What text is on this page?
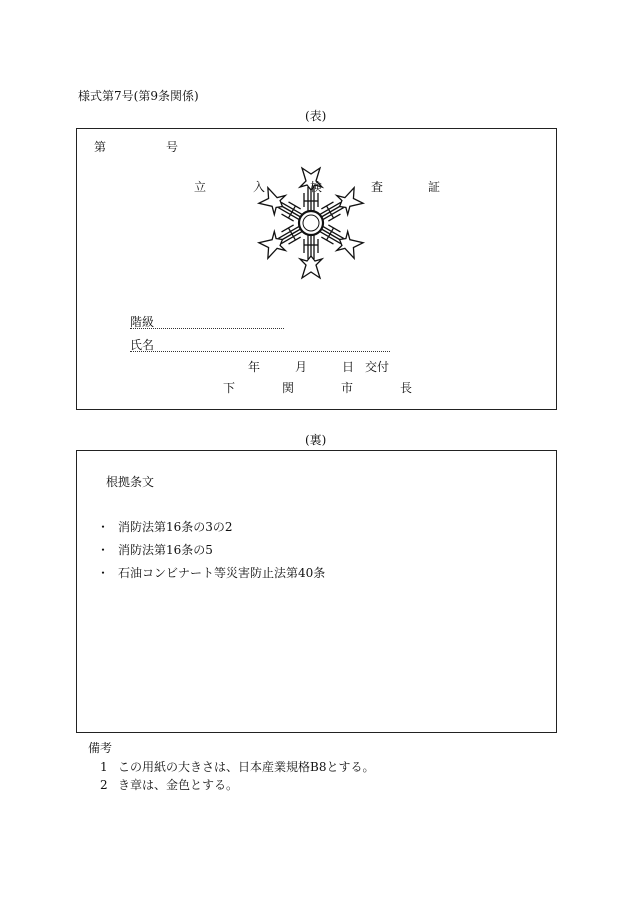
様式第7号(第9条関係)
(表)
第	号
立	入	検	査	証
階級
氏名
年	月	日 交付
下	関	市	長
(裏)
根拠条文
・ 消防法第16条の3の2
・ 消防法第16条の5
・ 石油コンビナート等災害防止法第40条
備考
1 この用紙の大きさは、日本産業規格B8とする。
2 き章は、金色とする。
